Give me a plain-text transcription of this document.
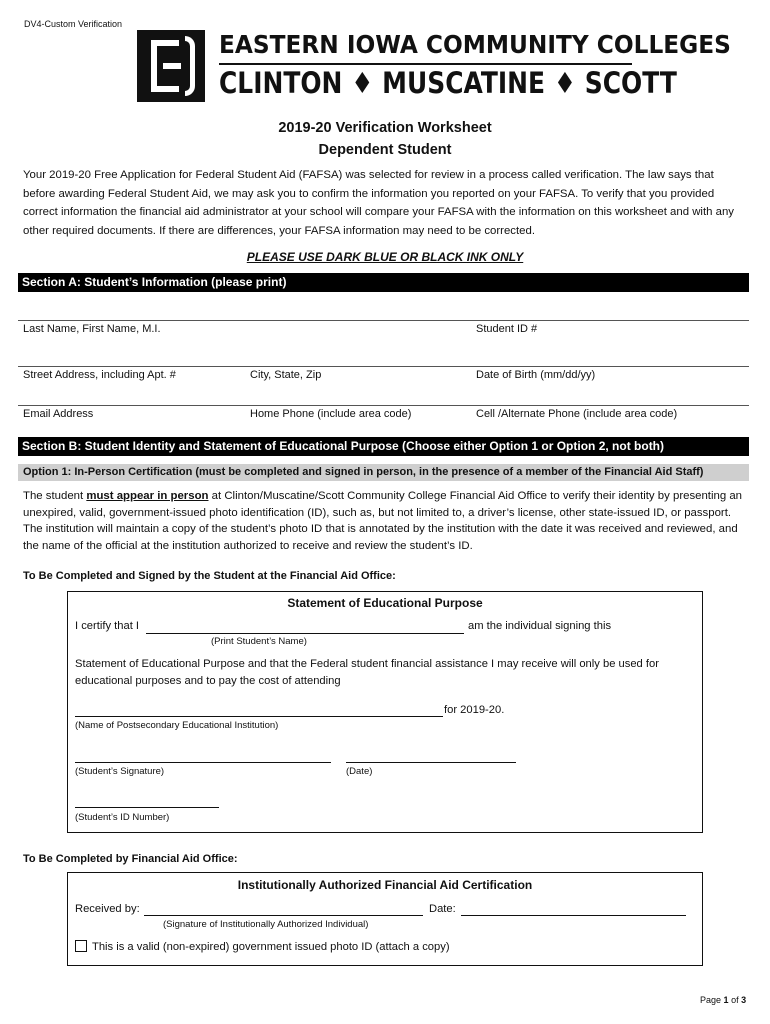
DV4-Custom Verification
EASTERN IOWA COMMUNITY COLLEGES
CLINTON ♦ MUSCATINE ♦ SCOTT
2019-20 Verification Worksheet
Dependent Student
Your 2019-20 Free Application for Federal Student Aid (FAFSA) was selected for review in a process called verification. The law says that before awarding Federal Student Aid, we may ask you to confirm the information you reported on your FAFSA. To verify that you provided correct information the financial aid administrator at your school will compare your FAFSA with the information on this worksheet and with any other required documents. If there are differences, your FAFSA information may need to be corrected.
PLEASE USE DARK BLUE OR BLACK INK ONLY
Section A: Student’s Information (please print)
Last Name, First Name, M.I.	Student ID #
Street Address, including Apt. #	City, State, Zip	Date of Birth (mm/dd/yy)
Email Address	Home Phone (include area code)	Cell /Alternate Phone (include area code)
Section B: Student Identity and Statement of Educational Purpose (Choose either Option 1 or Option 2, not both)
Option 1: In-Person Certification (must be completed and signed in person, in the presence of a member of the Financial Aid Staff)
The student must appear in person at Clinton/Muscatine/Scott Community College Financial Aid Office to verify their identity by presenting an unexpired, valid, government-issued photo identification (ID), such as, but not limited to, a driver’s license, other state-issued ID, or passport. The institution will maintain a copy of the student’s photo ID that is annotated by the institution with the date it was received and reviewed, and the name of the official at the institution authorized to receive and review the student’s ID.
To Be Completed and Signed by the Student at the Financial Aid Office:
Statement of Educational Purpose
I certify that I	am the individual signing this
(Print Student’s Name)
Statement of Educational Purpose and that the Federal student financial assistance I may receive will only be used for educational purposes and to pay the cost of attending
for 2019-20.
(Name of Postsecondary Educational Institution)
(Student’s Signature)	(Date)
(Student’s ID Number)
To Be Completed by Financial Aid Office:
Institutionally Authorized Financial Aid Certification
Received by:	Date:
(Signature of Institutionally Authorized Individual)
This is a valid (non-expired) government issued photo ID (attach a copy)
Page 1 of 3
